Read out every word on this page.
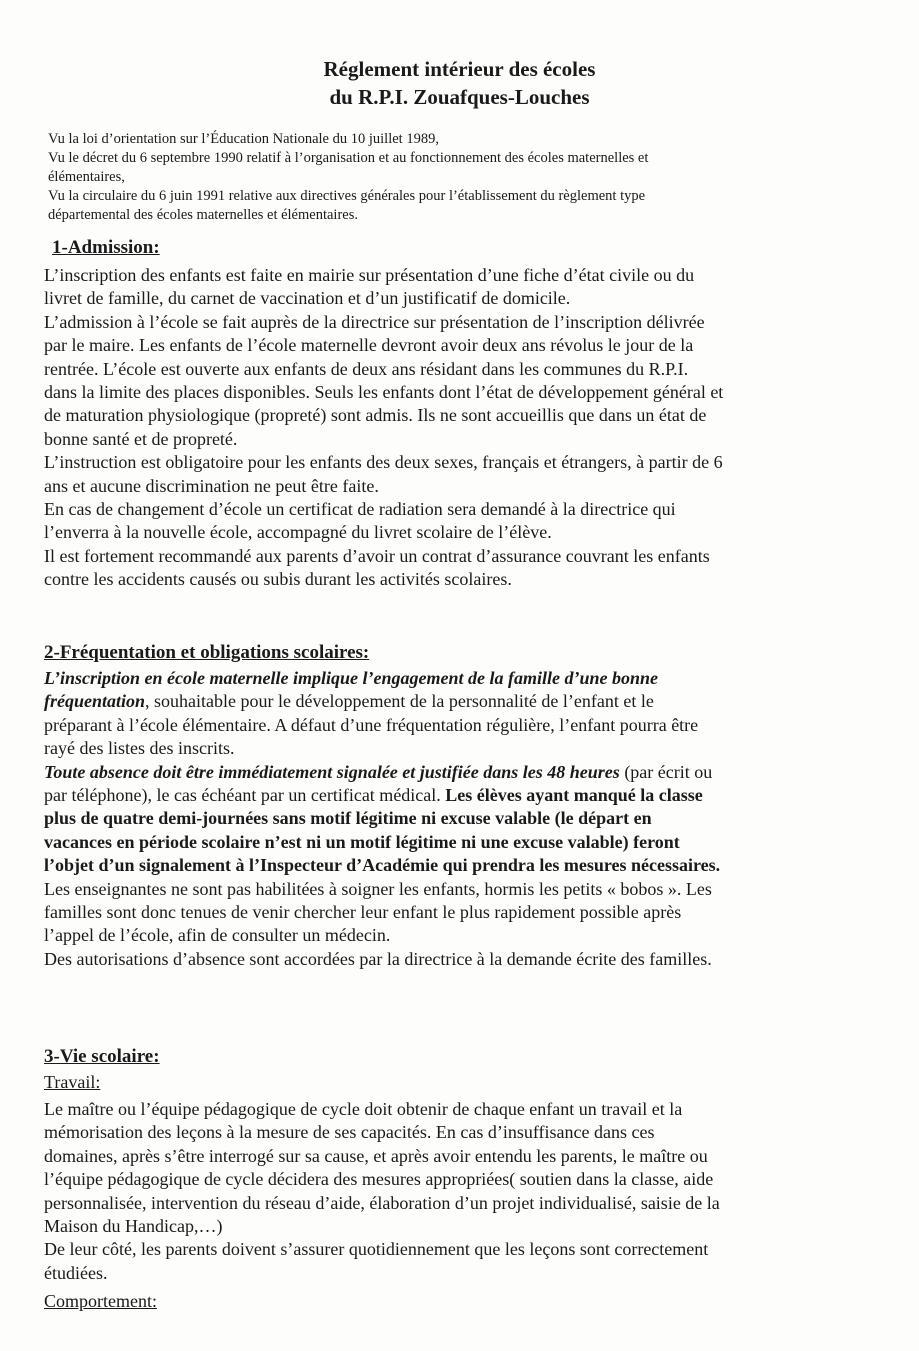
Réglement intérieur des écoles
du R.P.I. Zouafques-Louches
Vu la loi d’orientation sur l’Éducation Nationale du 10 juillet 1989,
Vu le décret du 6 septembre 1990 relatif à l’organisation et au fonctionnement des écoles maternelles et
élémentaires,
Vu la circulaire du 6 juin 1991 relative aux directives générales pour l’établissement du règlement type
départemental des écoles maternelles et élémentaires.
1-Admission:
L’inscription des enfants est faite en mairie sur présentation d’une fiche d’état civile ou du
livret de famille, du carnet de vaccination et d’un justificatif de domicile.
L’admission à l’école se fait auprès de la directrice sur présentation de l’inscription délivrée
par le maire. Les enfants de l’école maternelle devront avoir deux ans révolus le jour de la
rentrée. L’école est ouverte aux enfants de deux ans résidant dans les communes du R.P.I.
dans la limite des places disponibles. Seuls les enfants dont l’état de développement général et
de maturation physiologique (propreté) sont admis. Ils ne sont accueillis que dans un état de
bonne santé et de propreté.
L’instruction est obligatoire pour les enfants des deux sexes, français et étrangers, à partir de 6
ans et aucune discrimination ne peut être faite.
En cas de changement d’école un certificat de radiation sera demandé à la directrice qui
l’enverra à la nouvelle école, accompagné du livret scolaire de l’élève.
Il est fortement recommandé aux parents d’avoir un contrat d’assurance couvrant les enfants
contre les accidents causés ou subis durant les activités scolaires.
2-Fréquentation et obligations scolaires:
L’inscription en école maternelle implique l’engagement de la famille d’une bonne
fréquentation, souhaitable pour le développement de la personnalité de l’enfant et le
préparant à l’école élémentaire. A défaut d’une fréquentation régulière, l’enfant pourra être
rayé des listes des inscrits.
Toute absence doit être immédiatement signalée et justifiée dans les 48 heures (par écrit ou
par téléphone), le cas échéant par un certificat médical. Les élèves ayant manqué la classe
plus de quatre demi-journées sans motif légitime ni excuse valable (le départ en
vacances en période scolaire n’est ni un motif légitime ni une excuse valable) feront
l’objet d’un signalement à l’Inspecteur d’Académie qui prendra les mesures nécessaires.
Les enseignantes ne sont pas habilitées à soigner les enfants, hormis les petits « bobos ». Les
familles sont donc tenues de venir chercher leur enfant le plus rapidement possible après
l’appel de l’école, afin de consulter un médecin.
Des autorisations d’absence sont accordées par la directrice à la demande écrite des familles.
3-Vie scolaire:
Travail:
Le maître ou l’équipe pédagogique de cycle doit obtenir de chaque enfant un travail et la
mémorisation des leçons à la mesure de ses capacités. En cas d’insuffisance dans ces
domaines, après s’être interrogé sur sa cause, et après avoir entendu les parents, le maître ou
l’équipe pédagogique de cycle décidera des mesures appropriées( soutien dans la classe, aide
personnalisée, intervention du réseau d’aide, élaboration d’un projet individualisé, saisie de la
Maison du Handicap,…)
De leur côté, les parents doivent s’assurer quotidiennement que les leçons sont correctement
étudiées.
Comportement:
